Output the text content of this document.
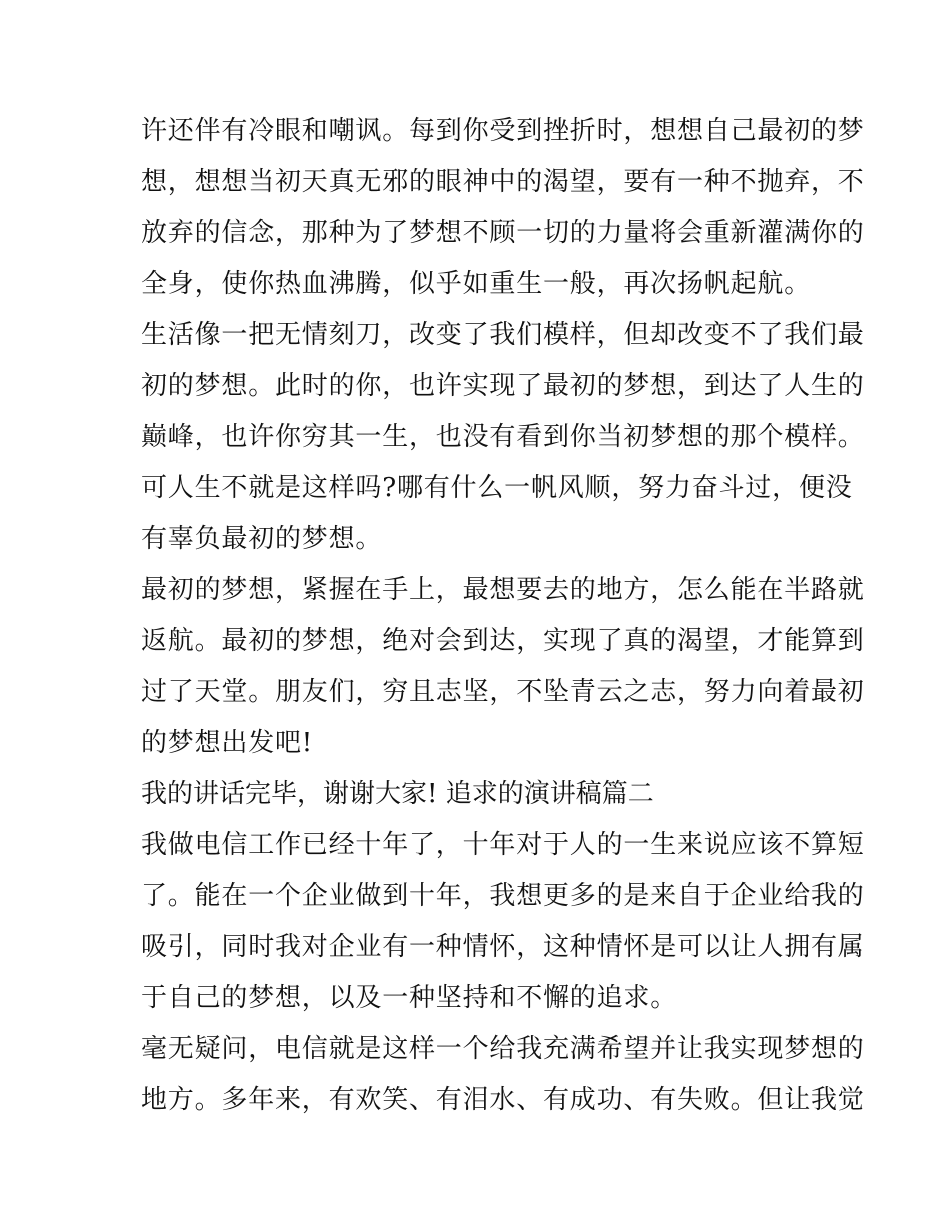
许还伴有冷眼和嘲讽。每到你受到挫折时，想想自己最初的梦
想，想想当初天真无邪的眼神中的渴望，要有一种不抛弃，不
放弃的信念，那种为了梦想不顾一切的力量将会重新灌满你的
全身，使你热血沸腾，似乎如重生一般，再次扬帆起航。
生活像一把无情刻刀，改变了我们模样，但却改变不了我们最
初的梦想。此时的你，也许实现了最初的梦想，到达了人生的
巅峰，也许你穷其一生，也没有看到你当初梦想的那个模样。
可人生不就是这样吗?哪有什么一帆风顺，努力奋斗过，便没
有辜负最初的梦想。
最初的梦想，紧握在手上，最想要去的地方，怎么能在半路就
返航。最初的梦想，绝对会到达，实现了真的渴望，才能算到
过了天堂。朋友们，穷且志坚，不坠青云之志，努力向着最初
的梦想出发吧!
我的讲话完毕，谢谢大家! 追求的演讲稿篇二
我做电信工作已经十年了，十年对于人的一生来说应该不算短
了。能在一个企业做到十年，我想更多的是来自于企业给我的
吸引，同时我对企业有一种情怀，这种情怀是可以让人拥有属
于自己的梦想，以及一种坚持和不懈的追求。
毫无疑问，电信就是这样一个给我充满希望并让我实现梦想的
地方。多年来，有欢笑、有泪水、有成功、有失败。但让我觉
